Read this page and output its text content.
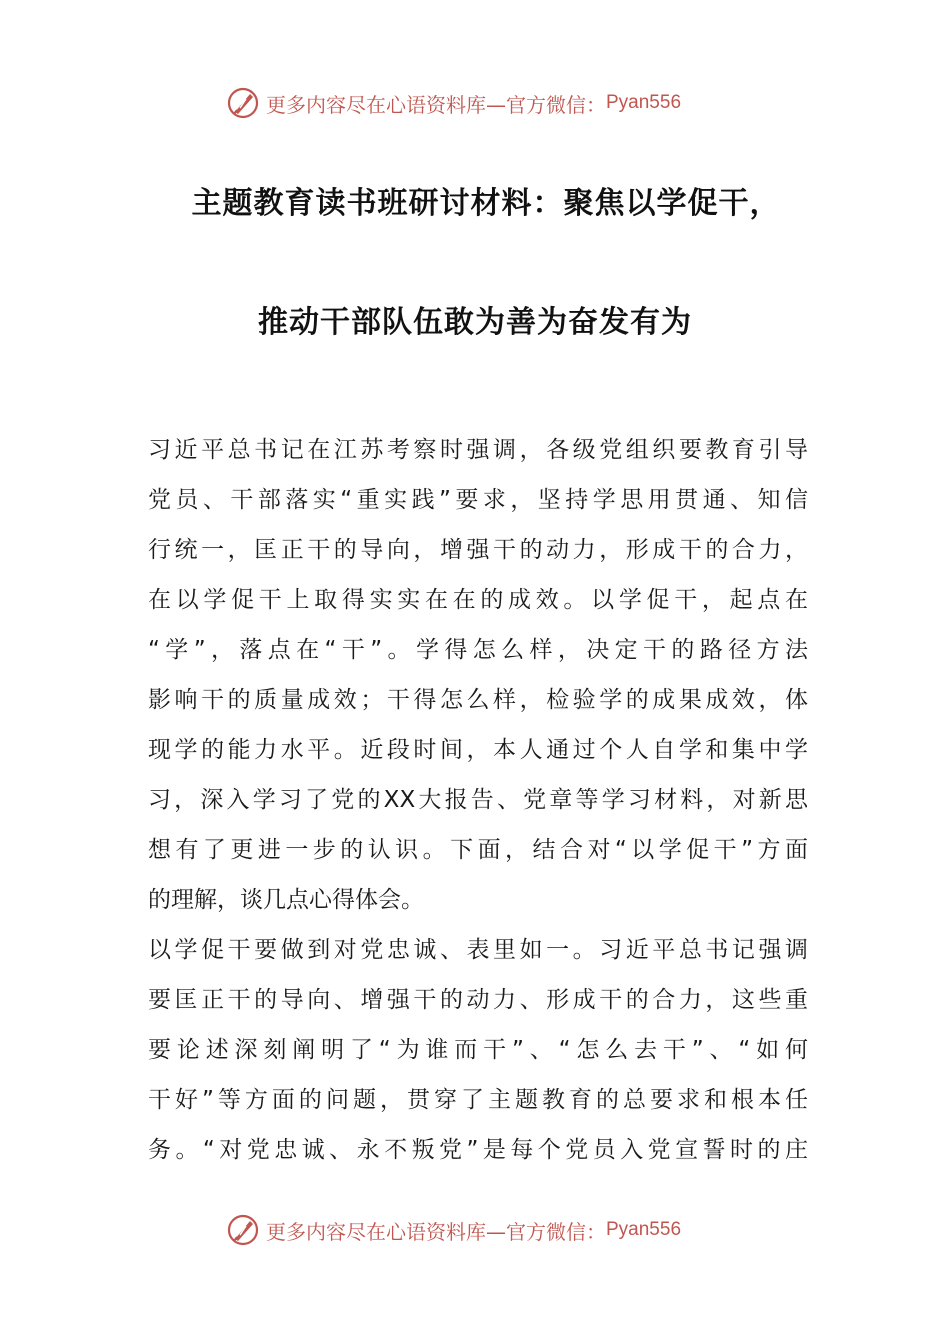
更多内容尽在心语资料库—官方微信： Pyan556
主题教育读书班研讨材料：聚焦以学促干，
推动干部队伍敢为善为奋发有为
习近平总书记在江苏考察时强调，各级党组织要教育引导
党员、干部落实“重实践”要求，坚持学思用贯通、知信
行统一，匡正干的导向，增强干的动力，形成干的合力，
在以学促干上取得实实在在的成效。以学促干，起点在
“学”，落点在“干”。学得怎么样，决定干的路径方法
影响干的质量成效；干得怎么样，检验学的成果成效，体
现学的能力水平。近段时间，本人通过个人自学和集中学
习，深入学习了党的XX大报告、党章等学习材料，对新思
想有了更进一步的认识。下面，结合对“以学促干”方面
的理解，谈几点心得体会。
以学促干要做到对党忠诚、表里如一。习近平总书记强调
要匡正干的导向、增强干的动力、形成干的合力，这些重
要论述深刻阐明了“为谁而干”、“怎么去干”、“如何
干好”等方面的问题，贯穿了主题教育的总要求和根本任
务。“对党忠诚、永不叛党”是每个党员入党宣誓时的庄
更多内容尽在心语资料库—官方微信： Pyan556
